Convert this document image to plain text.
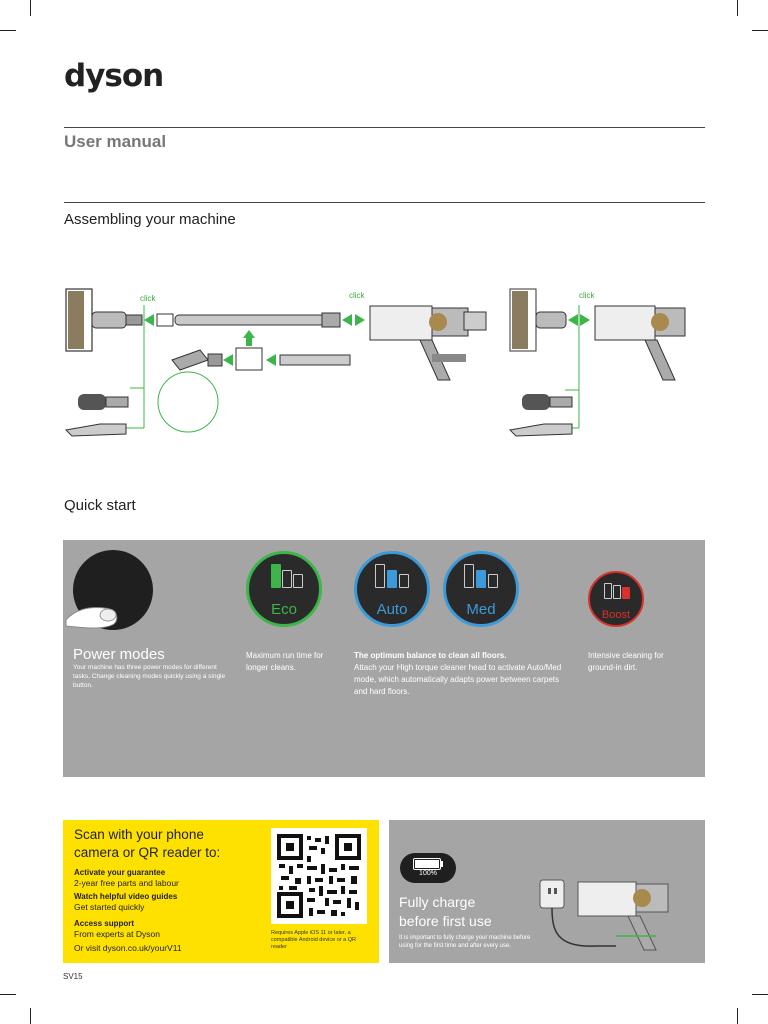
dyson
User manual
Assembling your machine
click	click	click
Quick start
Power modes
Your machine has three power modes for different tasks. Change cleaning modes quickly using a single button.
Eco	Auto	Med	Boost
Maximum run time for longer cleans.
The optimum balance to clean all floors.
Attach your High torque cleaner head to activate Auto/Med mode, which automatically adapts power between carpets and hard floors.
Intensive cleaning for ground-in dirt.
Scan with your phone
camera or QR reader to:
Activate your guarantee
2-year free parts and labour
Watch helpful video guides
Get started quickly
Access support
From experts at Dyson
Or visit dyson.co.uk/yourV11
Requires Apple iOS 11 or later, a compatible Android device or a QR reader
100%
Fully charge
before first use
It is important to fully charge your machine before using for the first time and after every use.
SV15
